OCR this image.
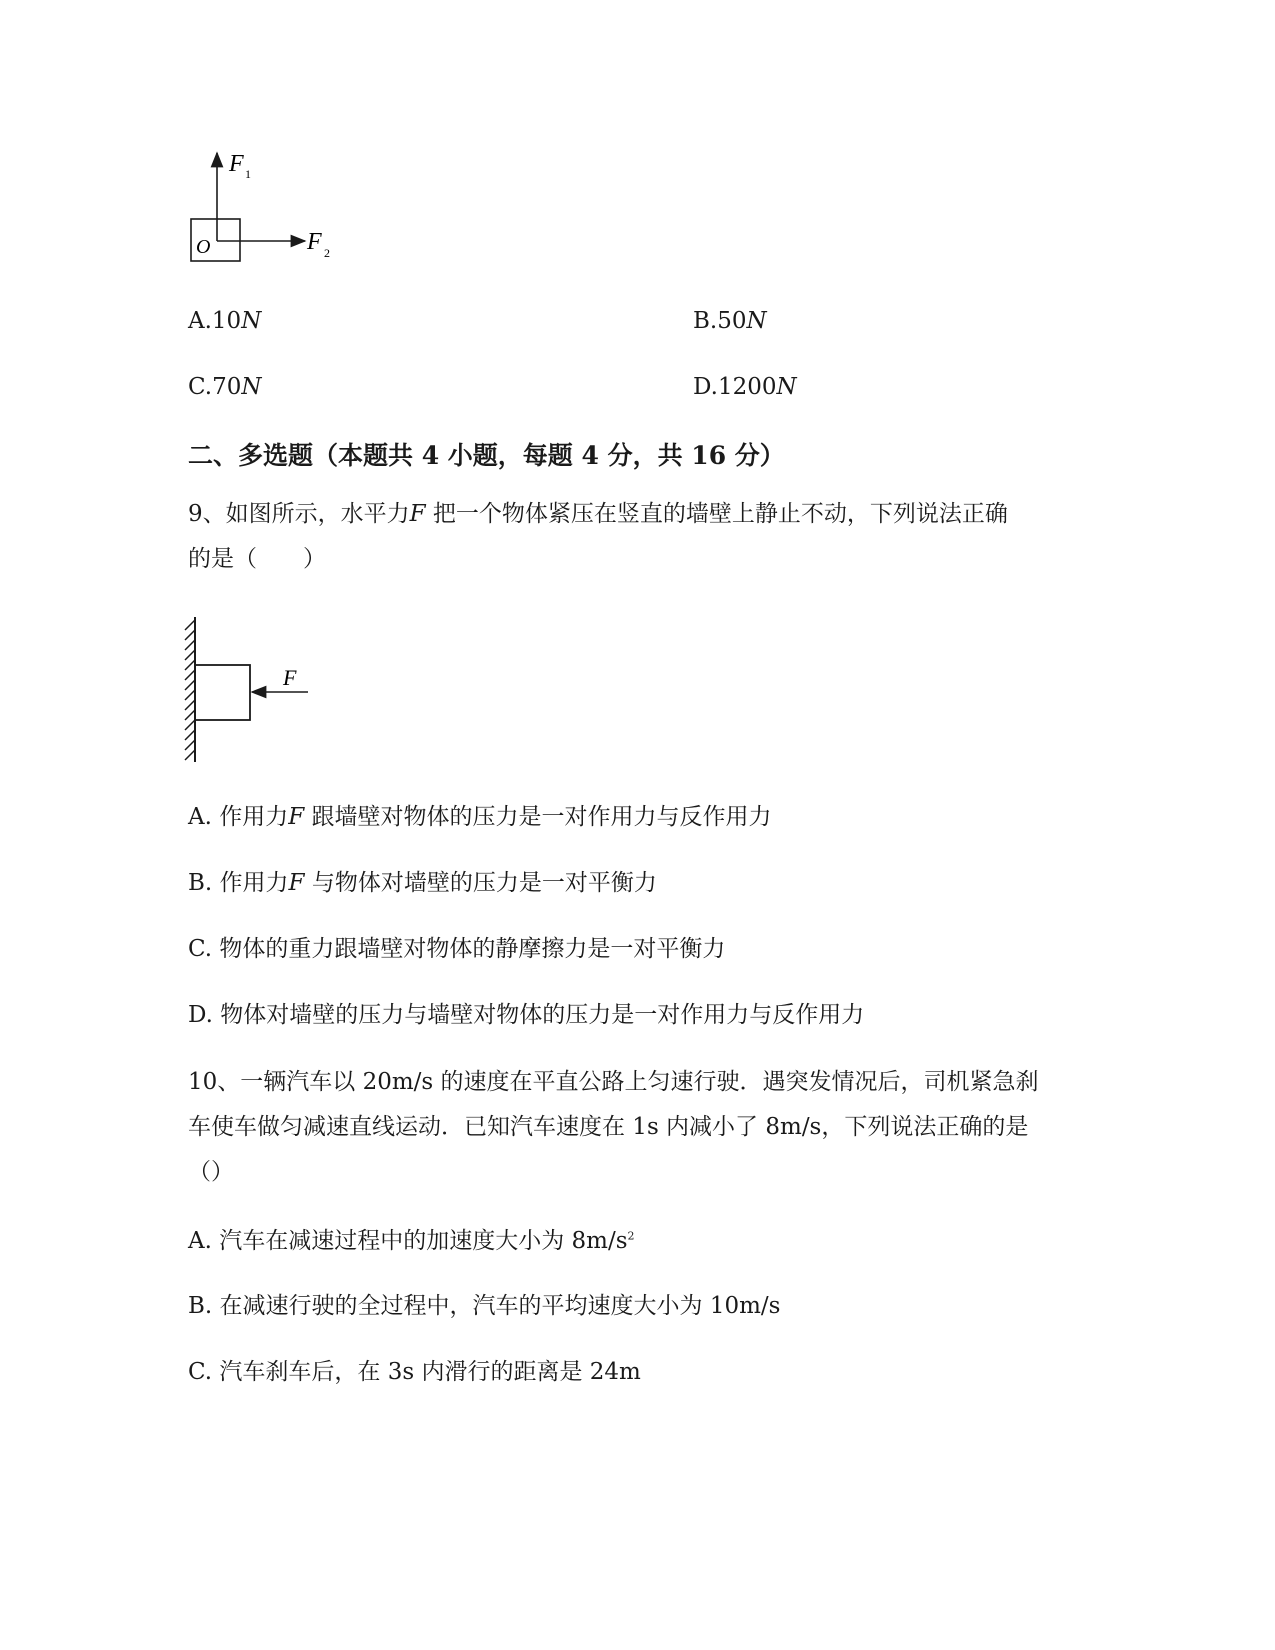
O
F 1
F 2
A.10N	B.50N
C.70N	D.1200N
二、多选题（本题共 4 小题，每题 4 分，共 16 分）
9、如图所示，水平力F 把一个物体紧压在竖直的墙壁上静止不动，下列说法正确
的是（　　）
F
A. 作用力F 跟墙壁对物体的压力是一对作用力与反作用力
B. 作用力F 与物体对墙壁的压力是一对平衡力
C. 物体的重力跟墙壁对物体的静摩擦力是一对平衡力
D. 物体对墙壁的压力与墙壁对物体的压力是一对作用力与反作用力
10、一辆汽车以 20m/s 的速度在平直公路上匀速行驶．遇突发情况后，司机紧急刹
车使车做匀减速直线运动．已知汽车速度在 1s 内减小了 8m/s，下列说法正确的是
（）
A. 汽车在减速过程中的加速度大小为 $8m/s^2$
B. 在减速行驶的全过程中，汽车的平均速度大小为 10m/s
C. 汽车刹车后，在 3s 内滑行的距离是 24m
